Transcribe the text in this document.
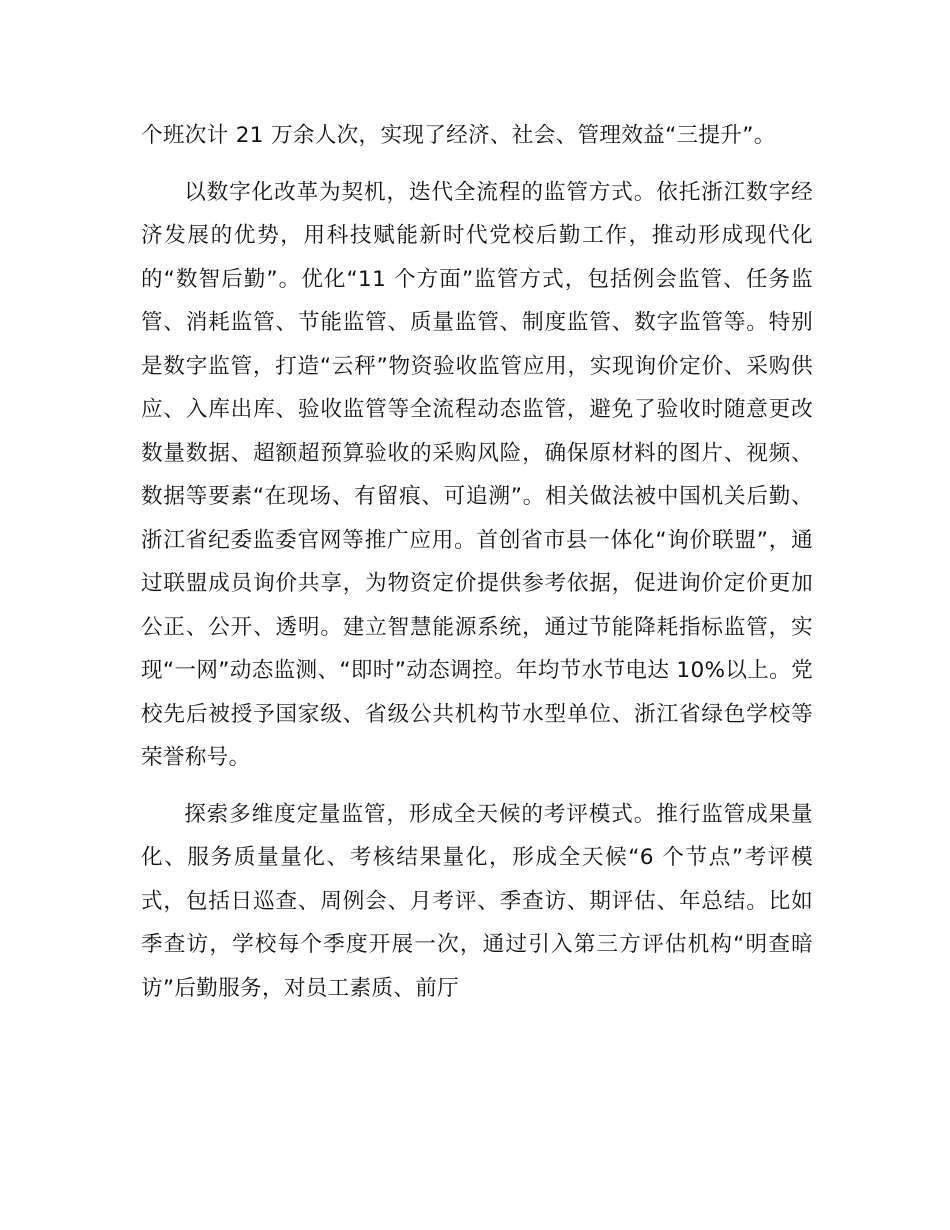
个班次计 21 万余人次，实现了经济、社会、管理效益“三提升”。

以数字化改革为契机，迭代全流程的监管方式。依托浙江数字经济发展的优势，用科技赋能新时代党校后勤工作，推动形成现代化的“数智后勤”。优化“11 个方面”监管方式，包括例会监管、任务监管、消耗监管、节能监管、质量监管、制度监管、数字监管等。特别是数字监管，打造“云秤”物资验收监管应用，实现询价定价、采购供应、入库出库、验收监管等全流程动态监管，避免了验收时随意更改数量数据、超额超预算验收的采购风险，确保原材料的图片、视频、数据等要素“在现场、有留痕、可追溯”。相关做法被中国机关后勤、浙江省纪委监委官网等推广应用。首创省市县一体化“询价联盟”，通过联盟成员询价共享，为物资定价提供参考依据，促进询价定价更加公正、公开、透明。建立智慧能源系统，通过节能降耗指标监管，实现“一网”动态监测、“即时”动态调控。年均节水节电达 10%以上。党校先后被授予国家级、省级公共机构节水型单位、浙江省绿色学校等荣誉称号。

探索多维度定量监管，形成全天候的考评模式。推行监管成果量化、服务质量量化、考核结果量化，形成全天候“6 个节点”考评模式，包括日巡查、周例会、月考评、季查访、期评估、年总结。比如季查访，学校每个季度开展一次，通过引入第三方评估机构“明查暗访”后勤服务，对员工素质、前厅
